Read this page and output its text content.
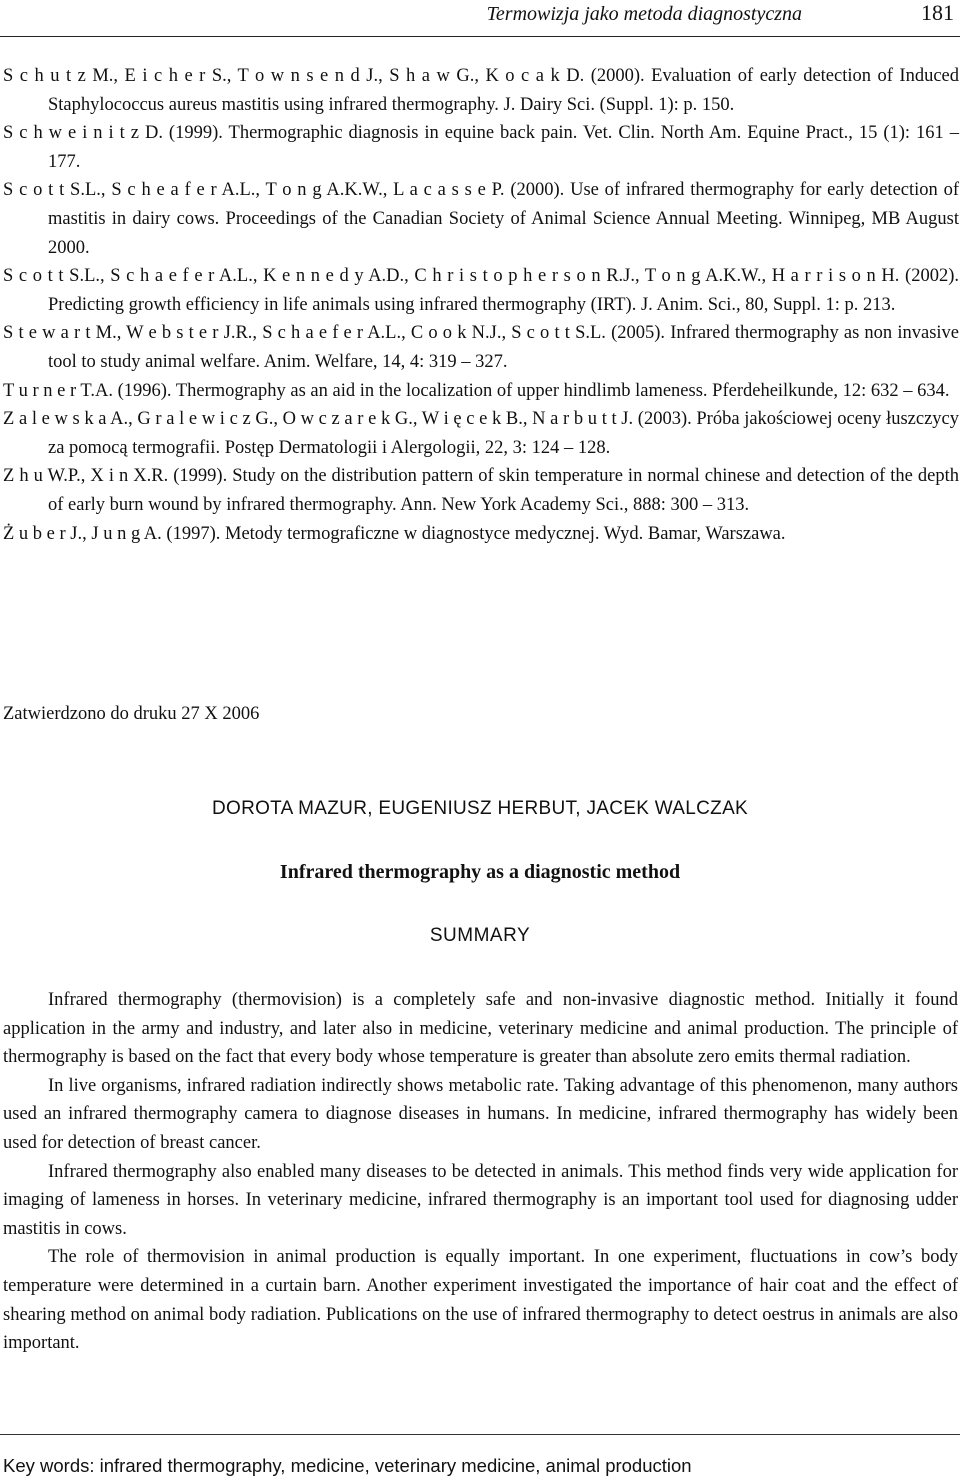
Termowizja jako metoda diagnostyczna	181
S c h u t z M., E i c h e r S., T o w n s e n d J., S h a w G., K o c a k D. (2000). Evaluation of early detection of Induced Staphylococcus aureus mastitis using infrared thermography. J. Dairy Sci. (Suppl. 1): p. 150.
S c h w e i n i t z D. (1999). Thermographic diagnosis in equine back pain. Vet. Clin. North Am. Equine Pract., 15 (1): 161 – 177.
S c o t t S.L., S c h e a f e r A.L., T o n g A.K.W., L a c a s s e P. (2000). Use of infrared thermography for early detection of mastitis in dairy cows. Proceedings of the Canadian Society of Animal Science Annual Meeting. Winnipeg, MB August 2000.
S c o t t S.L., S c h a e f e r A.L., K e n n e d y A.D., C h r i s t o p h e r s o n R.J., T o n g A.K.W., H a r r i s o n H. (2002). Predicting growth efficiency in life animals using infrared thermography (IRT). J. Anim. Sci., 80, Suppl. 1: p. 213.
S t e w a r t M., W e b s t e r J.R., S c h a e f e r A.L., C o o k N.J., S c o t t S.L. (2005). Infrared thermography as non invasive tool to study animal welfare. Anim. Welfare, 14, 4: 319 – 327.
T u r n e r T.A. (1996). Thermography as an aid in the localization of upper hindlimb lameness. Pferdeheilkunde, 12: 632 – 634.
Z a l e w s k a A., G r a l e w i c z G., O w c z a r e k G., W i ę c e k B., N a r b u t t J. (2003). Próba jakościowej oceny łuszczycy za pomocą termografii. Postęp Dermatologii i Alergologii, 22, 3: 124 – 128.
Z h u W.P., X i n X.R. (1999). Study on the distribution pattern of skin temperature in normal chinese and detection of the depth of early burn wound by infrared thermography. Ann. New York Academy Sci., 888: 300 – 313.
Ż u b e r J., J u n g A. (1997). Metody termograficzne w diagnostyce medycznej. Wyd. Bamar, Warszawa.
Zatwierdzono do druku 27 X 2006
DOROTA MAZUR, EUGENIUSZ HERBUT, JACEK WALCZAK
Infrared thermography as a diagnostic method
SUMMARY

Infrared thermography (thermovision) is a completely safe and non-invasive diagnostic method. Initially it found application in the army and industry, and later also in medicine, veterinary medicine and animal production. The principle of thermography is based on the fact that every body whose temperature is greater than absolute zero emits thermal radiation.

In live organisms, infrared radiation indirectly shows metabolic rate. Taking advantage of this phenomenon, many authors used an infrared thermography camera to diagnose diseases in humans. In medicine, infrared thermography has widely been used for detection of breast cancer.

Infrared thermography also enabled many diseases to be detected in animals. This method finds very wide application for imaging of lameness in horses. In veterinary medicine, infrared thermography is an important tool used for diagnosing udder mastitis in cows.

The role of thermovision in animal production is equally important. In one experiment, fluctuations in cow’s body temperature were determined in a curtain barn. Another experiment investigated the importance of hair coat and the effect of shearing method on animal body radiation. Publications on the use of infrared thermography to detect oestrus in animals are also important.

Key words: infrared thermography, medicine, veterinary medicine, animal production
